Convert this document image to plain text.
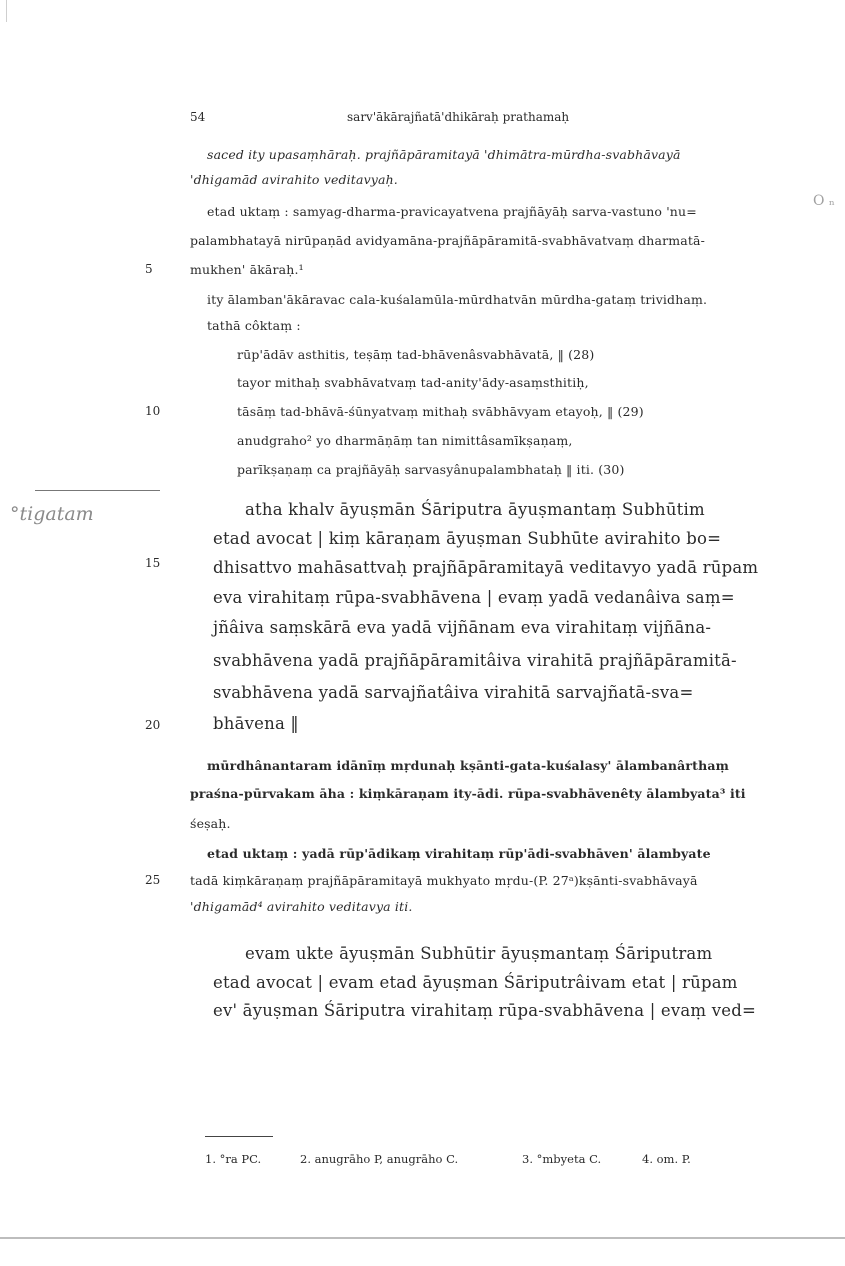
54	sarv'ākārajñatā'dhikāraḥ prathamaḥ
°tigatam
O ₙ
5
10
15
20
25
saced ity upasaṃhāraḥ. prajñāpāramitayā 'dhimātra-mūrdha-svabhāvayā
'dhigamād avirahito veditavyaḥ.
etad uktaṃ : samyag-dharma-pravicayatvena prajñāyāḥ sarva-vastuno 'nu=
palambhatayā nirūpaṇād avidyamāna-prajñāpāramitā-svabhāvatvaṃ dharmatā-
mukhen' ākāraḥ.¹
ity ālamban'ākāravac cala-kuśalamūla-mūrdhatvān mūrdha-gataṃ trividhaṃ.
tathā côktaṃ :
rūp'ādāv asthitis, teṣāṃ tad-bhāvenâsvabhāvatā, ‖ (28)
tayor mithaḥ svabhāvatvaṃ tad-anity'ādy-asaṃsthitiḥ,
tāsāṃ tad-bhāvā-śūnyatvaṃ mithaḥ svābhāvyam etayoḥ, ‖ (29)
anudgraho² yo dharmāṇāṃ tan nimittâsamīkṣaṇaṃ,
parīkṣaṇaṃ ca prajñāyāḥ sarvasyânupalambhataḥ ‖ iti. (30)
atha khalv āyuṣmān Śāriputra āyuṣmantaṃ Subhūtim
etad avocat | kiṃ kāraṇam āyuṣman Subhūte avirahito bo=
dhisattvo mahāsattvaḥ prajñāpāramitayā veditavyo yadā rūpam
eva virahitaṃ rūpa-svabhāvena | evaṃ yadā vedanâiva saṃ=
jñâiva saṃskārā eva yadā vijñānam eva virahitaṃ vijñāna-
svabhāvena yadā prajñāpāramitâiva virahitā prajñāpāramitā-
svabhāvena yadā sarvajñatâiva virahitā sarvajñatā-sva=
bhāvena ‖
mūrdhânantaram idānīṃ mṛdunaḥ kṣānti-gata-kuśalasy' ālambanârthaṃ
praśna-pūrvakam āha : kiṃkāraṇam ity-ādi. rūpa-svabhāvenêty ālambyata³ iti
śeṣaḥ.
etad uktaṃ : yadā rūp'ādikaṃ virahitaṃ rūp'ādi-svabhāven' ālambyate
tadā kiṃkāraṇaṃ prajñāpāramitayā mukhyato mṛdu-(P. 27ᵃ)kṣānti-svabhāvayā
'dhigamād⁴ avirahito veditavya iti.
evam ukte āyuṣmān Subhūtir āyuṣmantaṃ Śāriputram
etad avocat | evam etad āyuṣman Śāriputrâivam etat | rūpam
ev' āyuṣman Śāriputra virahitaṃ rūpa-svabhāvena | evaṃ ved=
1. °ra PC.	2. anugrāho P, anugrāho C.	3. °mbyeta C.	4. om. P.
